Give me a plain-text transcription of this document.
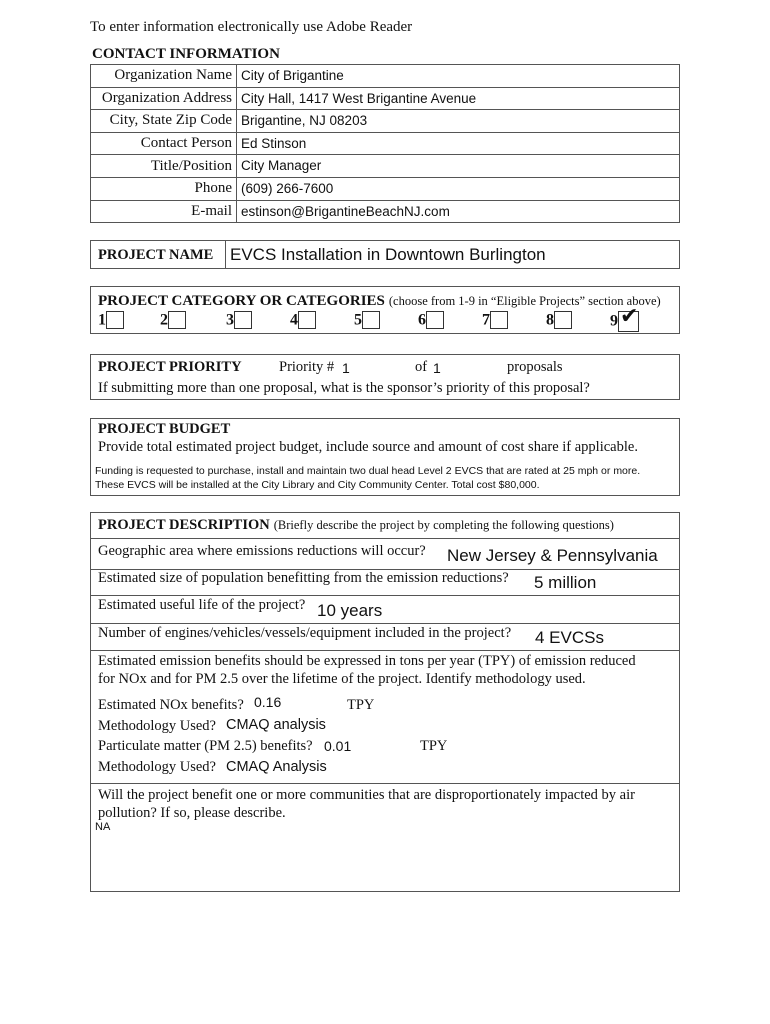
To enter information electronically use Adobe Reader
CONTACT INFORMATION
Organization Name	City of Brigantine
Organization Address	City Hall, 1417 West Brigantine Avenue
City, State Zip Code	Brigantine, NJ 08203
Contact Person	Ed Stinson
Title/Position	City Manager
Phone	(609) 266-7600
E-mail	estinson@BrigantineBeachNJ.com
PROJECT NAME EVCS Installation in Downtown Burlington
PROJECT CATEGORY OR CATEGORIES (choose from 1-9 in “Eligible Projects” section above)
1	2	3	4	5	6	7	8	9 ✔
PROJECT PRIORITY	Priority # 1	of 1	proposals
If submitting more than one proposal, what is the sponsor’s priority of this proposal?
PROJECT BUDGET
Provide total estimated project budget, include source and amount of cost share if applicable.
Funding is requested to purchase, install and maintain two dual head Level 2 EVCS that are rated at 25 mph or more.
These EVCS will be installed at the City Library and City Community Center. Total cost $80,000.
PROJECT DESCRIPTION (Briefly describe the project by completing the following questions)
Geographic area where emissions reductions will occur? New Jersey & Pennsylvania
Estimated size of population benefitting from the emission reductions? 5 million
Estimated useful life of the project? 10 years
Number of engines/vehicles/vessels/equipment included in the project? 4 EVCSs
Estimated emission benefits should be expressed in tons per year (TPY) of emission reduced
for NOx and for PM 2.5 over the lifetime of the project. Identify methodology used.
Estimated NOx benefits? 0.16	TPY
Methodology Used? CMAQ analysis
Particulate matter (PM 2.5) benefits? 0.01	TPY
Methodology Used? CMAQ Analysis
Will the project benefit one or more communities that are disproportionately impacted by air
pollution? If so, please describe.
NA
